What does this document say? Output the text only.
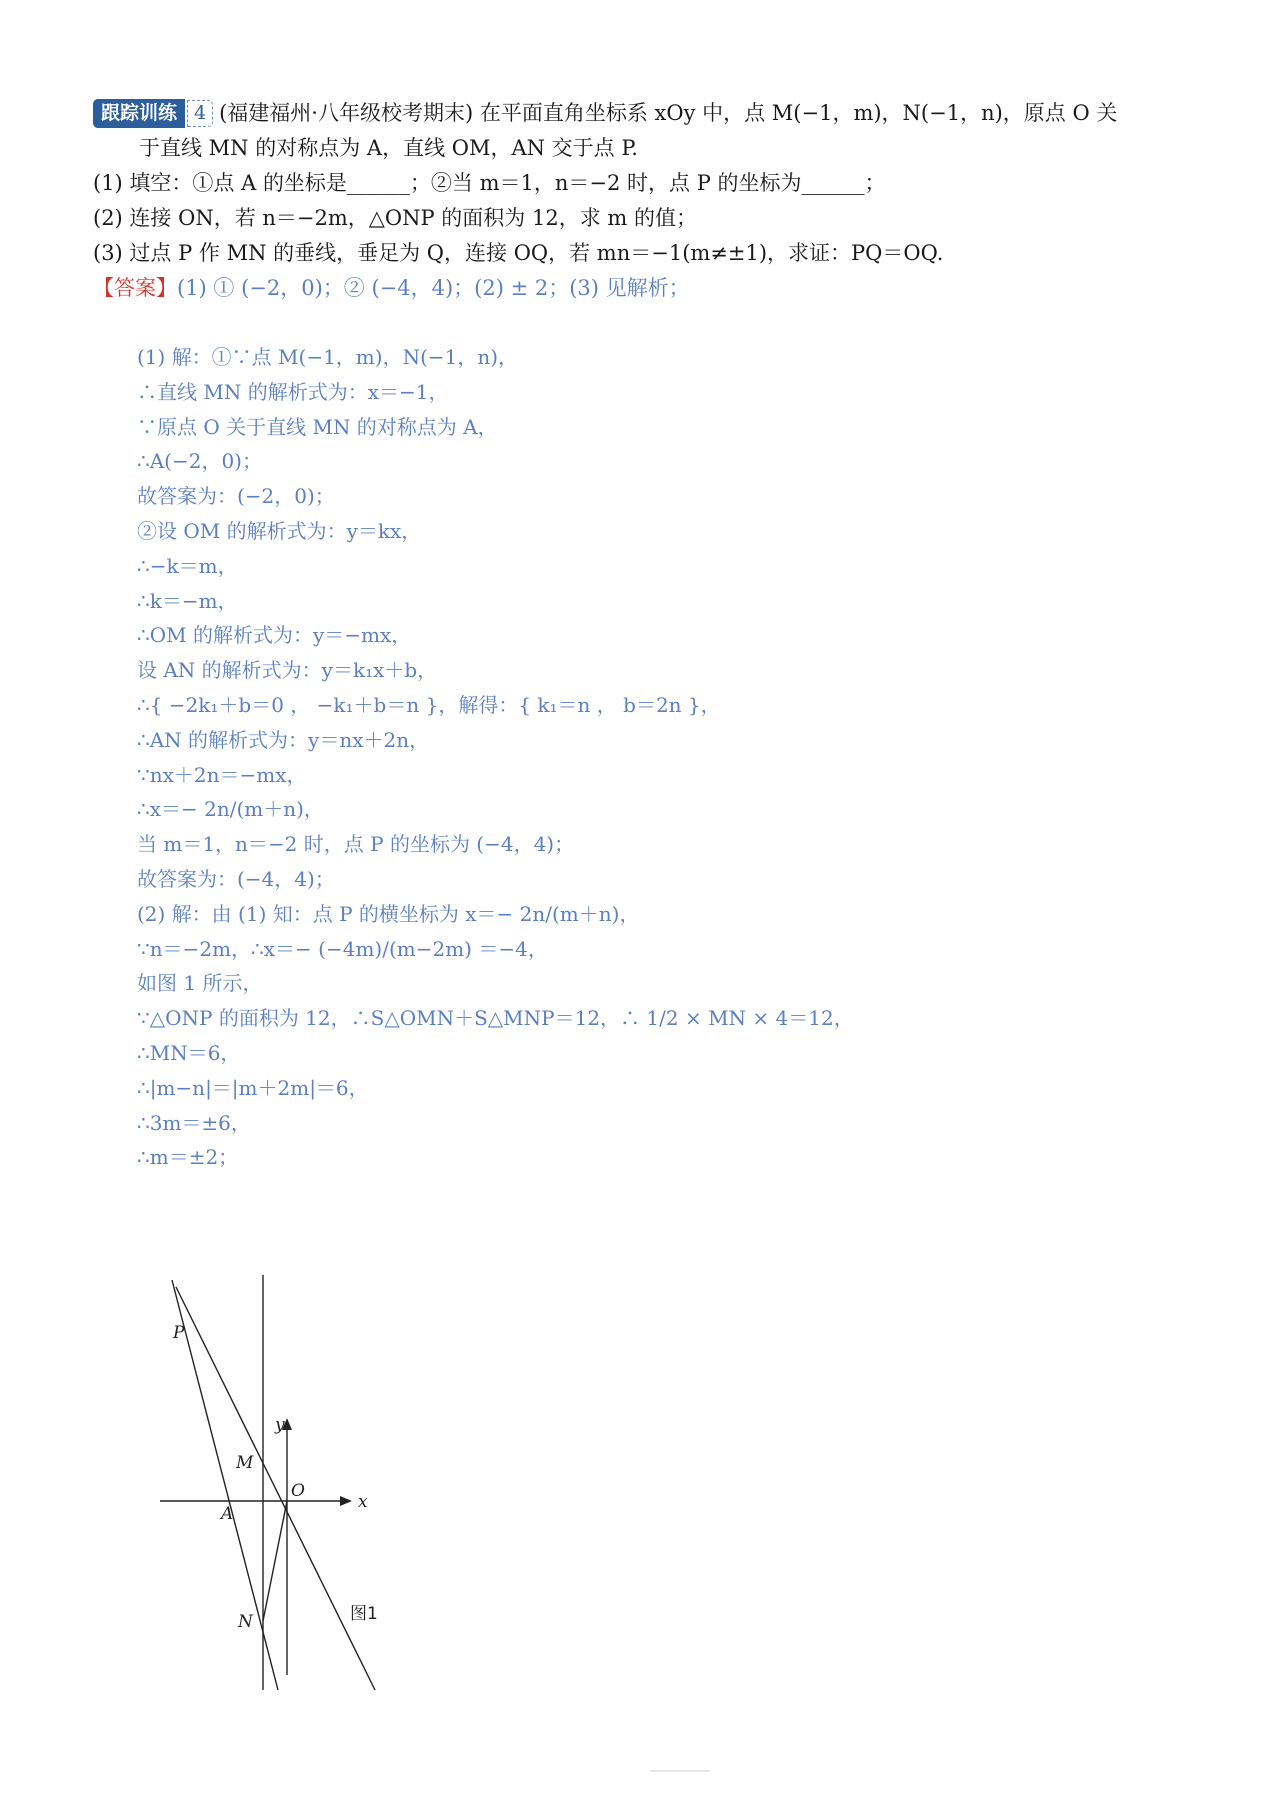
跟踪训练 4 (福建福州·八年级校考期末) 在平面直角坐标系 xOy 中，点 M(−1，m)，N(−1，n)，原点 O 关
于直线 MN 的对称点为 A，直线 OM，AN 交于点 P.
(1) 填空：①点 A 的坐标是______；②当 m＝1，n＝−2 时，点 P 的坐标为______；
(2) 连接 ON，若 n＝−2m，△ONP 的面积为 12，求 m 的值；
(3) 过点 P 作 MN 的垂线，垂足为 Q，连接 OQ，若 mn＝−1(m≠±1)，求证：PQ＝OQ.
【答案】(1) ① (−2，0)；② (−4，4)；(2) ± 2；(3) 见解析；
(1) 解：①∵点 M(−1，m)，N(−1，n)，
∴直线 MN 的解析式为：x＝−1，
∵原点 O 关于直线 MN 的对称点为 A，
∴A(−2，0)；
故答案为：(−2，0)；
②设 OM 的解析式为：y＝kx，
∴−k＝m，
∴k＝−m，
∴OM 的解析式为：y＝−mx，
设 AN 的解析式为：y＝k₁x＋b，
∴{ −2k₁＋b＝0 ， −k₁＋b＝n }，解得：{ k₁＝n ， b＝2n }，
∴AN 的解析式为：y＝nx＋2n，
∵nx＋2n＝−mx，
∴x＝− 2n/(m＋n)，
当 m＝1，n＝−2 时，点 P 的坐标为 (−4，4)；
故答案为：(−4，4)；
(2) 解：由 (1) 知：点 P 的横坐标为 x＝− 2n/(m＋n)，
∵n＝−2m，∴x＝− (−4m)/(m−2m) ＝−4，
如图 1 所示，
∵△ONP 的面积为 12，∴S△OMN＋S△MNP＝12，∴ 1/2 × MN × 4＝12，
∴MN＝6，
∴|m−n|＝|m＋2m|＝6，
∴3m＝±6，
∴m＝±2；
P
M
O
A
N
x
y
图1
